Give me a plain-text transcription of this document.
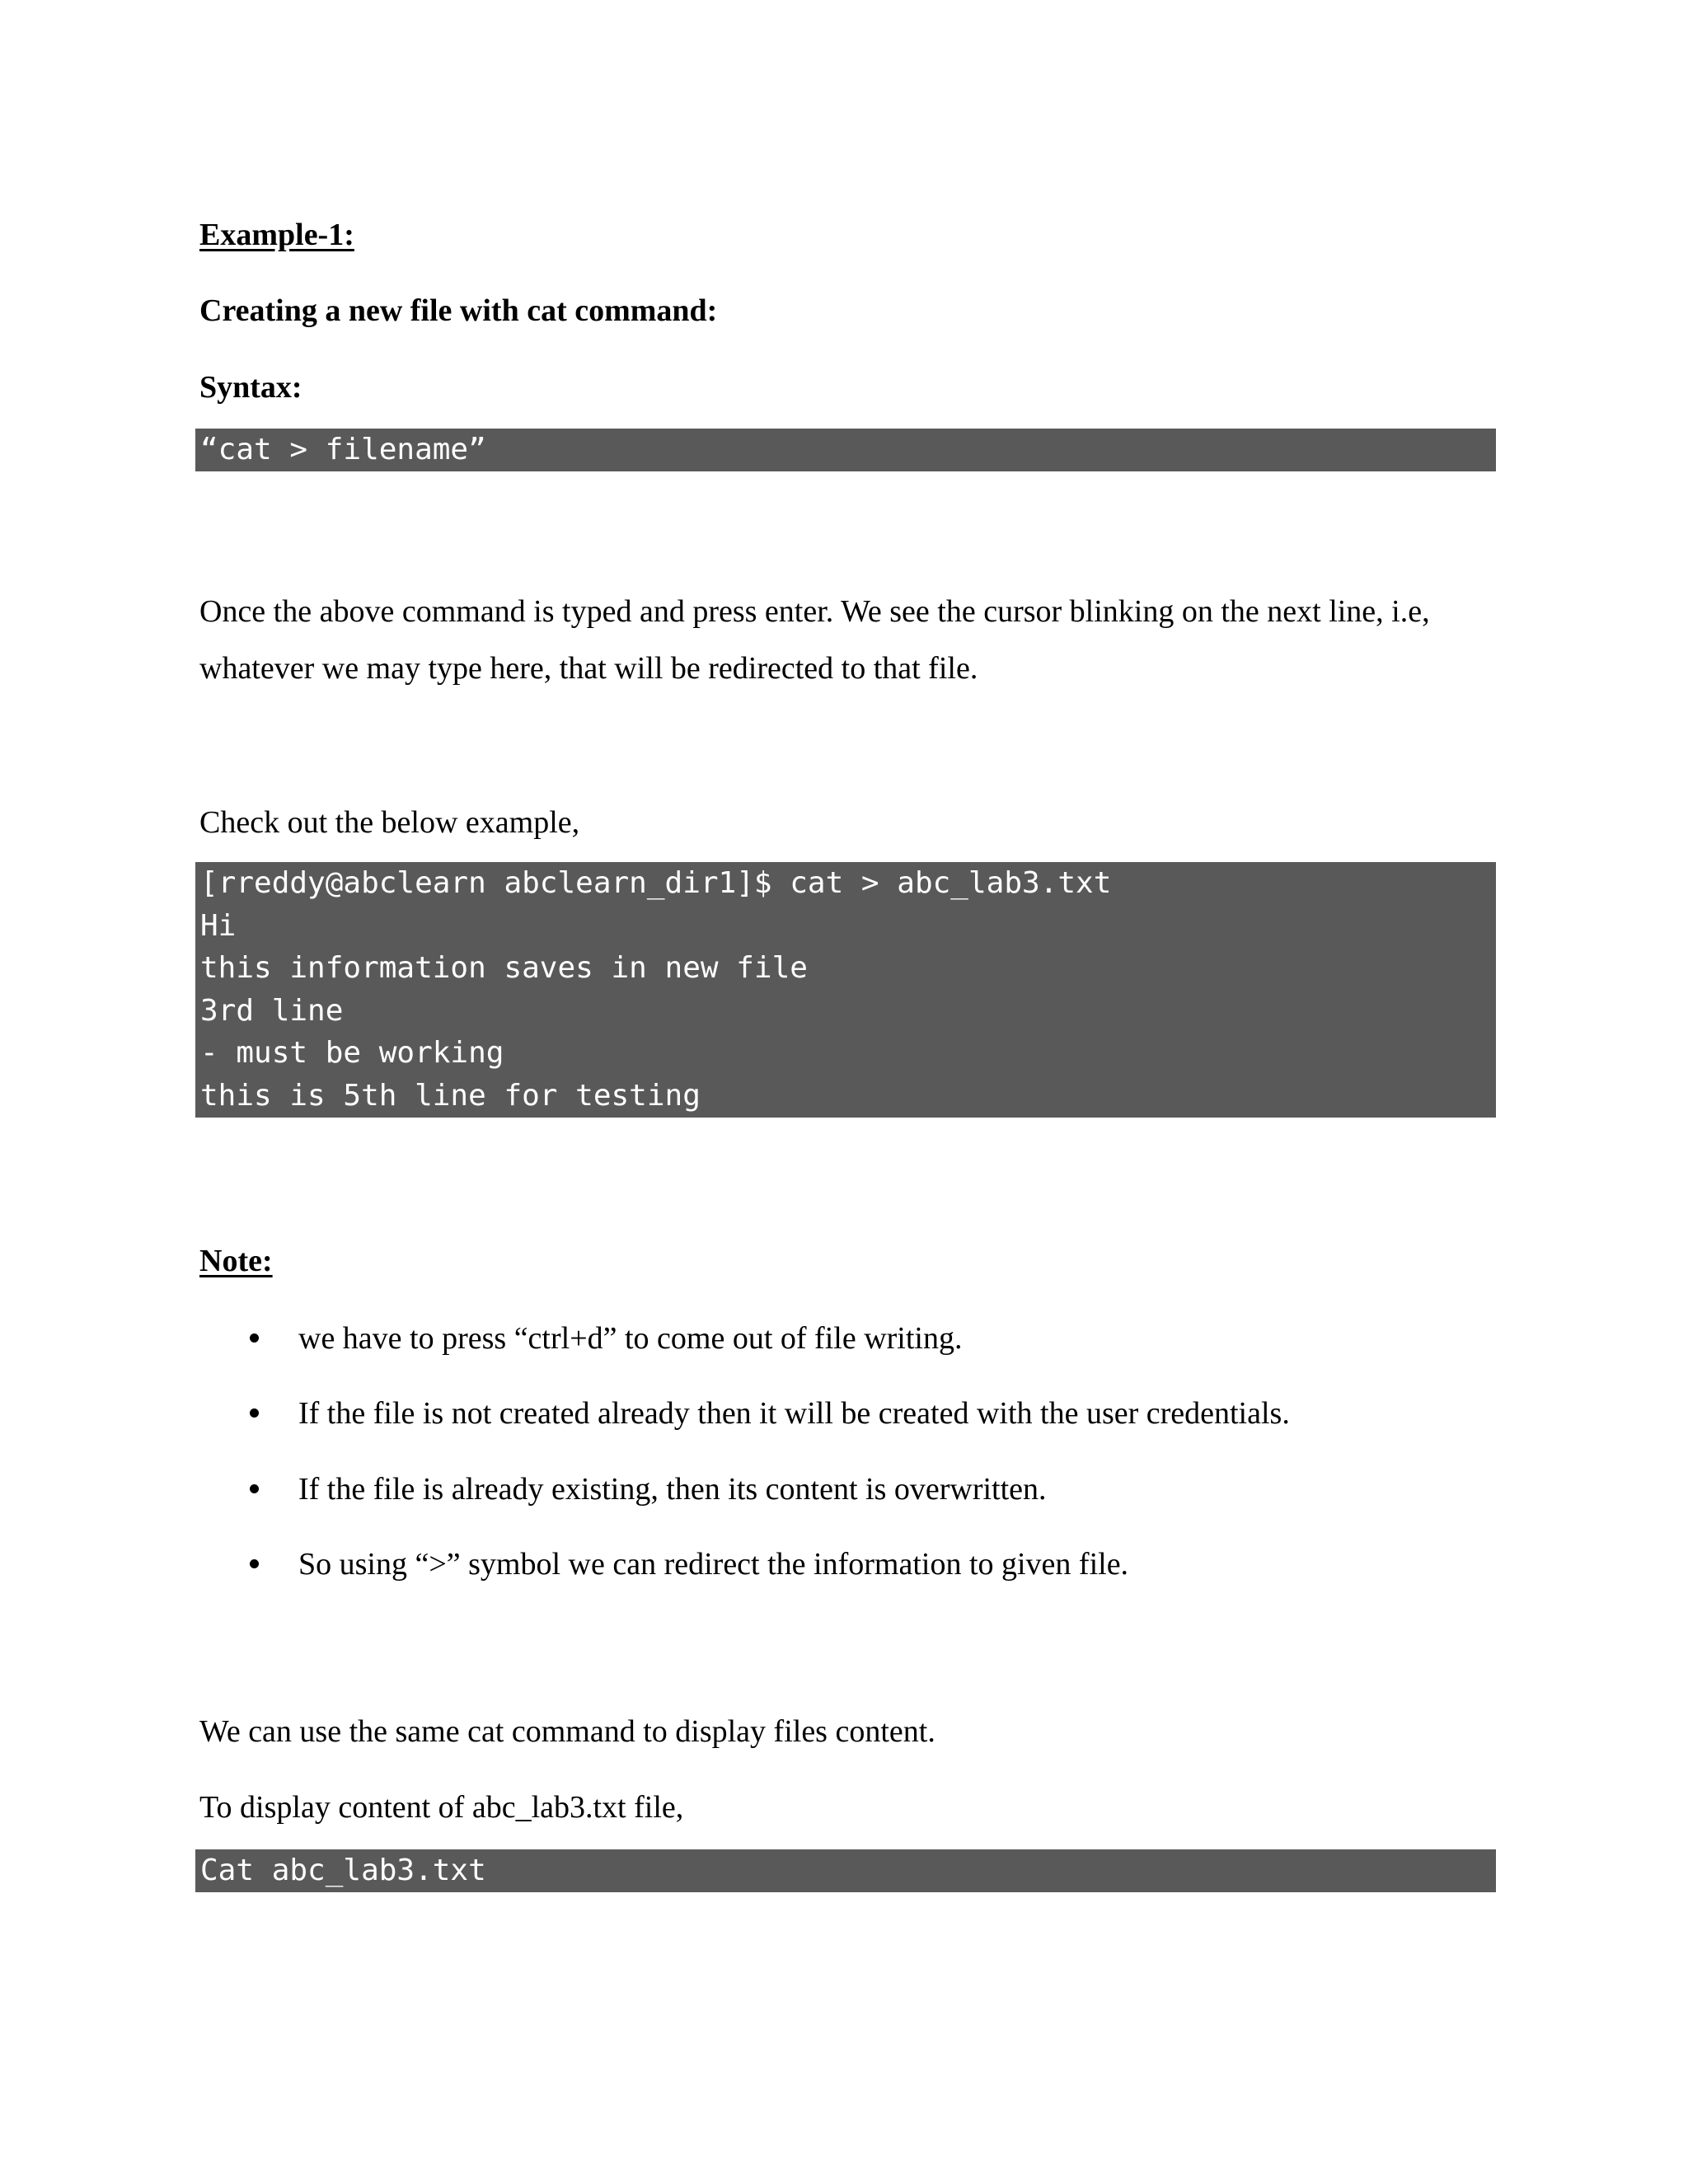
Example-1:
Creating a new file with cat command:
Syntax:
“cat > filename”
Once the above command is typed and press enter. We see the cursor blinking on the next line, i.e, whatever we may type here, that will be redirected to that file.
Check out the below example,
[rreddy@abclearn abclearn_dir1]$ cat > abc_lab3.txt
Hi
this information saves in new file
3rd line
- must be working
this is 5th line for testing
Note:
we have to press “ctrl+d” to come out of file writing.
If the file is not created already then it will be created with the user credentials.
If the file is already existing, then its content is overwritten.
So using “>” symbol we can redirect the information to given file.
We can use the same cat command to display files content.
To display content of abc_lab3.txt file,
Cat abc_lab3.txt
